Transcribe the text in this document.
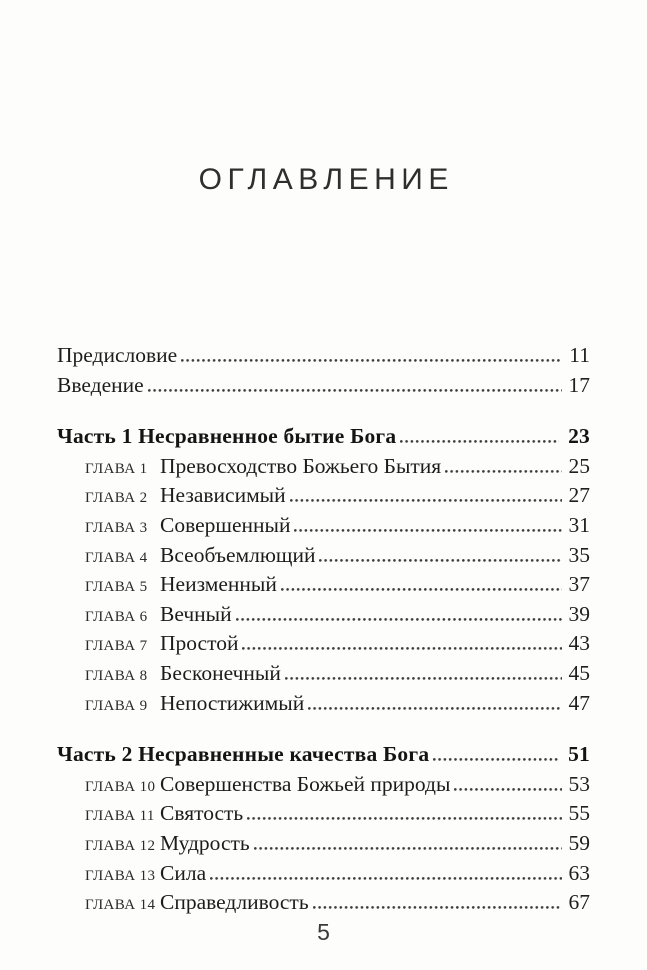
ОГЛАВЛЕНИЕ
Предисловие	11
Введение	17
Часть 1 Несравненное бытие Бога	23
ГЛАВА 1 Превосходство Божьего Бытия	25
ГЛАВА 2 Независимый	27
ГЛАВА 3 Совершенный	31
ГЛАВА 4 Всеобъемлющий	35
ГЛАВА 5 Неизменный	37
ГЛАВА 6 Вечный	39
ГЛАВА 7 Простой	43
ГЛАВА 8 Бесконечный	45
ГЛАВА 9 Непостижимый	47
Часть 2 Несравненные качества Бога	51
ГЛАВА 10 Совершенства Божьей природы	53
ГЛАВА 11 Святость	55
ГЛАВА 12 Мудрость	59
ГЛАВА 13 Сила	63
ГЛАВА 14 Справедливость	67
5
